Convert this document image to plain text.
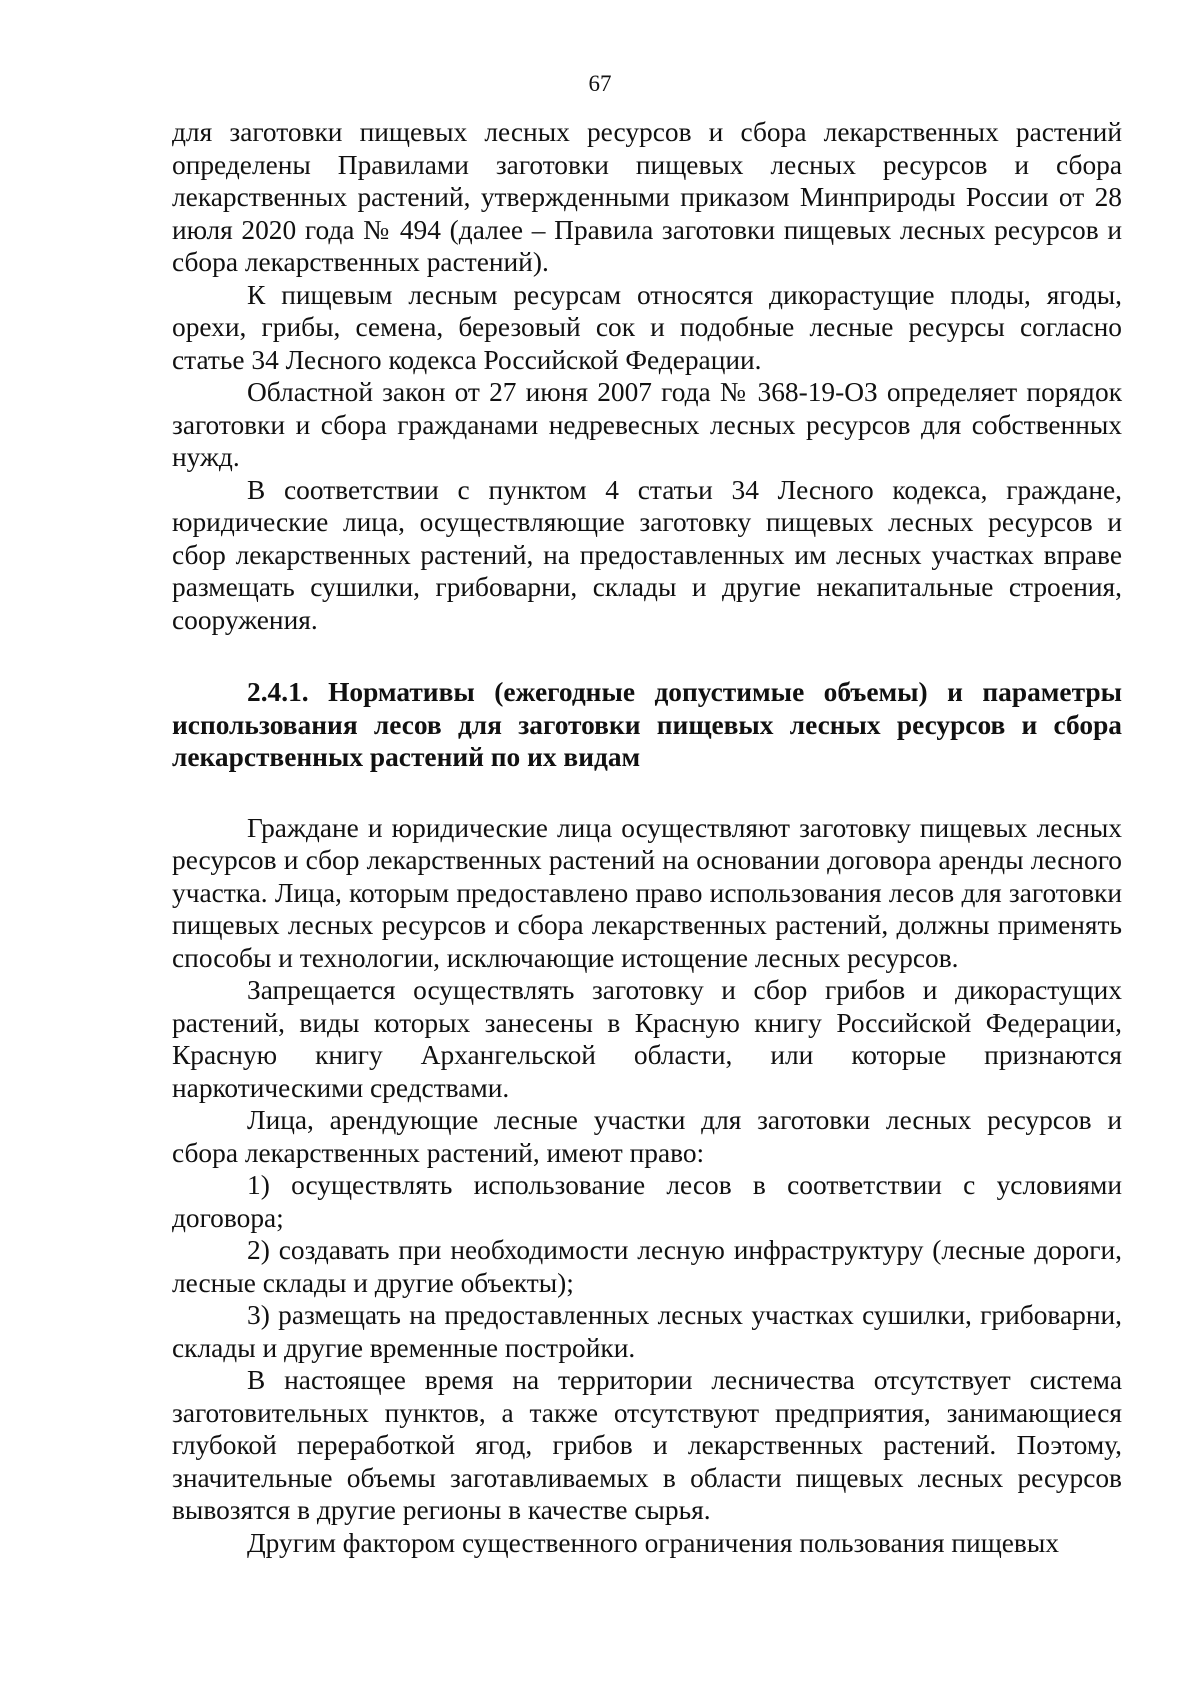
67

для заготовки пищевых лесных ресурсов и сбора лекарственных растений определены Правилами заготовки пищевых лесных ресурсов и сбора лекарственных растений, утвержденными приказом Минприроды России от 28 июля 2020 года № 494 (далее – Правила заготовки пищевых лесных ресурсов и сбора лекарственных растений).

К пищевым лесным ресурсам относятся дикорастущие плоды, ягоды, орехи, грибы, семена, березовый сок и подобные лесные ресурсы согласно статье 34 Лесного кодекса Российской Федерации.

Областной закон от 27 июня 2007 года № 368-19-ОЗ определяет порядок заготовки и сбора гражданами недревесных лесных ресурсов для собственных нужд.

В соответствии с пунктом 4 статьи 34 Лесного кодекса, граждане, юридические лица, осуществляющие заготовку пищевых лесных ресурсов и сбор лекарственных растений, на предоставленных им лесных участках вправе размещать сушилки, грибоварни, склады и другие некапитальные строения, сооружения.

2.4.1. Нормативы (ежегодные допустимые объемы) и параметры использования лесов для заготовки пищевых лесных ресурсов и сбора лекарственных растений по их видам

Граждане и юридические лица осуществляют заготовку пищевых лесных ресурсов и сбор лекарственных растений на основании договора аренды лесного участка. Лица, которым предоставлено право использования лесов для заготовки пищевых лесных ресурсов и сбора лекарственных растений, должны применять способы и технологии, исключающие истощение лесных ресурсов.

Запрещается осуществлять заготовку и сбор грибов и дикорастущих растений, виды которых занесены в Красную книгу Российской Федерации, Красную книгу Архангельской области, или которые признаются наркотическими средствами.

Лица, арендующие лесные участки для заготовки лесных ресурсов и сбора лекарственных растений, имеют право:

1) осуществлять использование лесов в соответствии с условиями договора;

2) создавать при необходимости лесную инфраструктуру (лесные дороги, лесные склады и другие объекты);

3) размещать на предоставленных лесных участках сушилки, грибоварни, склады и другие временные постройки.

В настоящее время на территории лесничества отсутствует система заготовительных пунктов, а также отсутствуют предприятия, занимающиеся глубокой переработкой ягод, грибов и лекарственных растений. Поэтому, значительные объемы заготавливаемых в области пищевых лесных ресурсов вывозятся в другие регионы в качестве сырья.

Другим фактором существенного ограничения пользования пищевых
